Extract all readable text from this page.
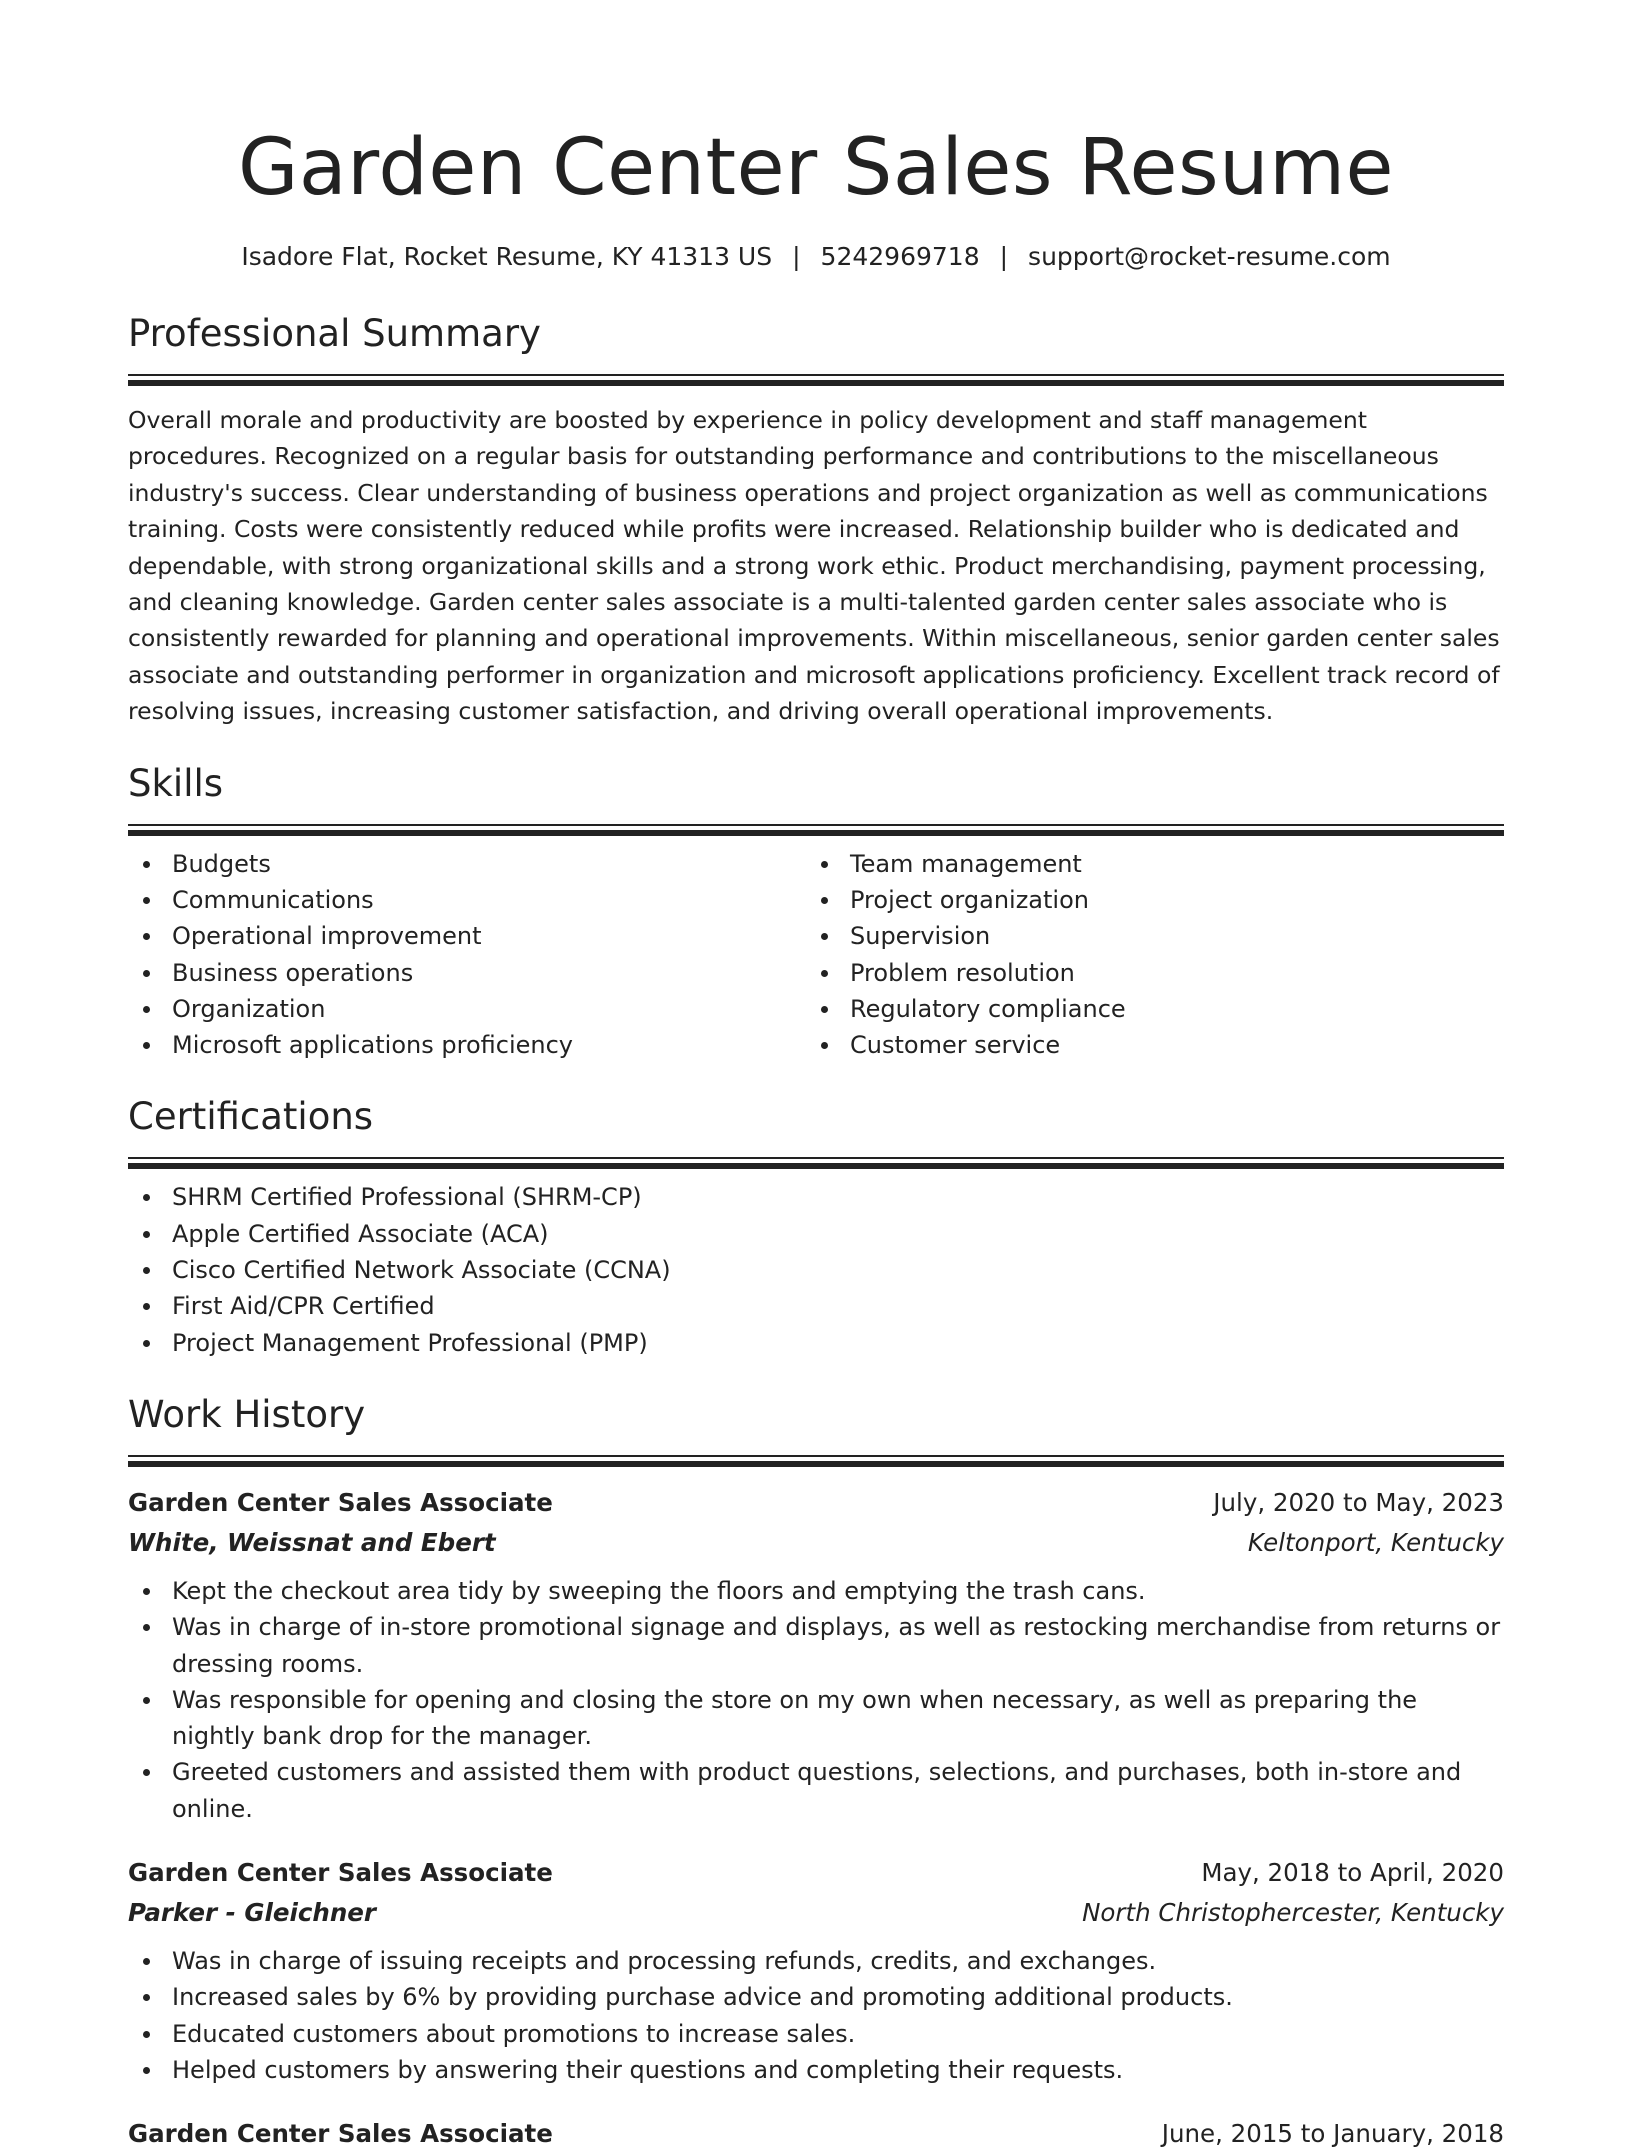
Garden Center Sales Resume
Isadore Flat, Rocket Resume, KY 41313 US | 5242969718 | support@rocket-resume.com
Professional Summary

Overall morale and productivity are boosted by experience in policy development and staff management procedures. Recognized on a regular basis for outstanding performance and contributions to the miscellaneous industry's success. Clear understanding of business operations and project organization as well as communications training. Costs were consistently reduced while profits were increased. Relationship builder who is dedicated and dependable, with strong organizational skills and a strong work ethic. Product merchandising, payment processing, and cleaning knowledge. Garden center sales associate is a multi-talented garden center sales associate who is consistently rewarded for planning and operational improvements. Within miscellaneous, senior garden center sales associate and outstanding performer in organization and microsoft applications proficiency. Excellent track record of resolving issues, increasing customer satisfaction, and driving overall operational improvements.

Skills
Budgets
Communications
Operational improvement
Business operations
Organization
Microsoft applications proficiency
Team management
Project organization
Supervision
Problem resolution
Regulatory compliance
Customer service
Certifications
SHRM Certified Professional (SHRM-CP)
Apple Certified Associate (ACA)
Cisco Certified Network Associate (CCNA)
First Aid/CPR Certified
Project Management Professional (PMP)
Work History
Garden Center Sales Associate	July, 2020 to May, 2023
White, Weissnat and Ebert	Keltonport, Kentucky
Kept the checkout area tidy by sweeping the floors and emptying the trash cans.
Was in charge of in-store promotional signage and displays, as well as restocking merchandise from returns or dressing rooms.
Was responsible for opening and closing the store on my own when necessary, as well as preparing the nightly bank drop for the manager.
Greeted customers and assisted them with product questions, selections, and purchases, both in-store and online.
Garden Center Sales Associate	May, 2018 to April, 2020
Parker - Gleichner	North Christophercester, Kentucky
Was in charge of issuing receipts and processing refunds, credits, and exchanges.
Increased sales by 6% by providing purchase advice and promoting additional products.
Educated customers about promotions to increase sales.
Helped customers by answering their questions and completing their requests.
Garden Center Sales Associate	June, 2015 to January, 2018
